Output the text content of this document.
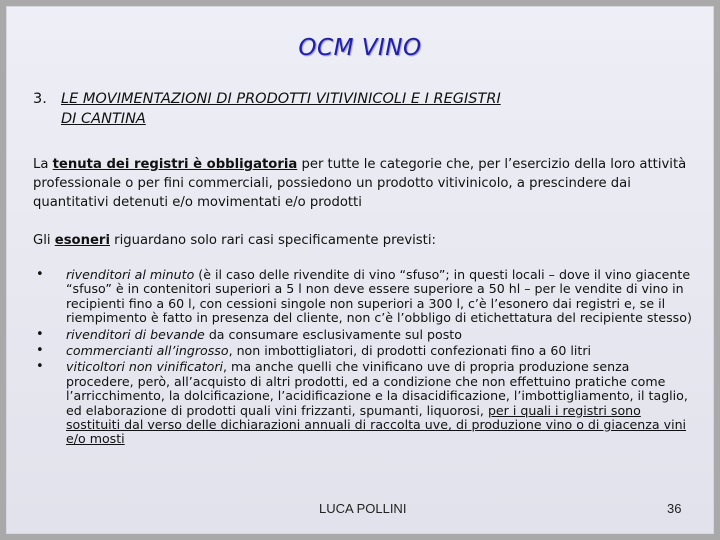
OCM VINO
3. LE MOVIMENTAZIONI DI PRODOTTI VITIVINICOLI E I REGISTRI
DI CANTINA
La tenuta dei registri è obbligatoria per tutte le categorie che, per l’esercizio della loro attività professionale o per fini commerciali, possiedono un prodotto vitivinicolo, a prescindere dai quantitativi detenuti e/o movimentati e/o prodotti
Gli esoneri riguardano solo rari casi specificamente previsti:
• rivenditori al minuto (è il caso delle rivendite di vino “sfuso”; in questi locali – dove il vino giacente “sfuso” è in contenitori superiori a 5 l non deve essere superiore a 50 hl – per le vendite di vino in recipienti fino a 60 l, con cessioni singole non superiori a 300 l, c’è l’esonero dai registri e, se il riempimento è fatto in presenza del cliente, non c’è l’obbligo di etichettatura del recipiente stesso)
• rivenditori di bevande da consumare esclusivamente sul posto
• commercianti all’ingrosso, non imbottigliatori, di prodotti confezionati fino a 60 litri
• viticoltori non vinificatori, ma anche quelli che vinificano uve di propria produzione senza procedere, però, all’acquisto di altri prodotti, ed a condizione che non effettuino pratiche come l’arricchimento, la dolcificazione, l’acidificazione e la disacidificazione, l’imbottigliamento, il taglio, ed elaborazione di prodotti quali vini frizzanti, spumanti, liquorosi, per i quali i registri sono sostituiti dal verso delle dichiarazioni annuali di raccolta uve, di produzione vino o di giacenza vini e/o mosti
LUCA POLLINI	36
